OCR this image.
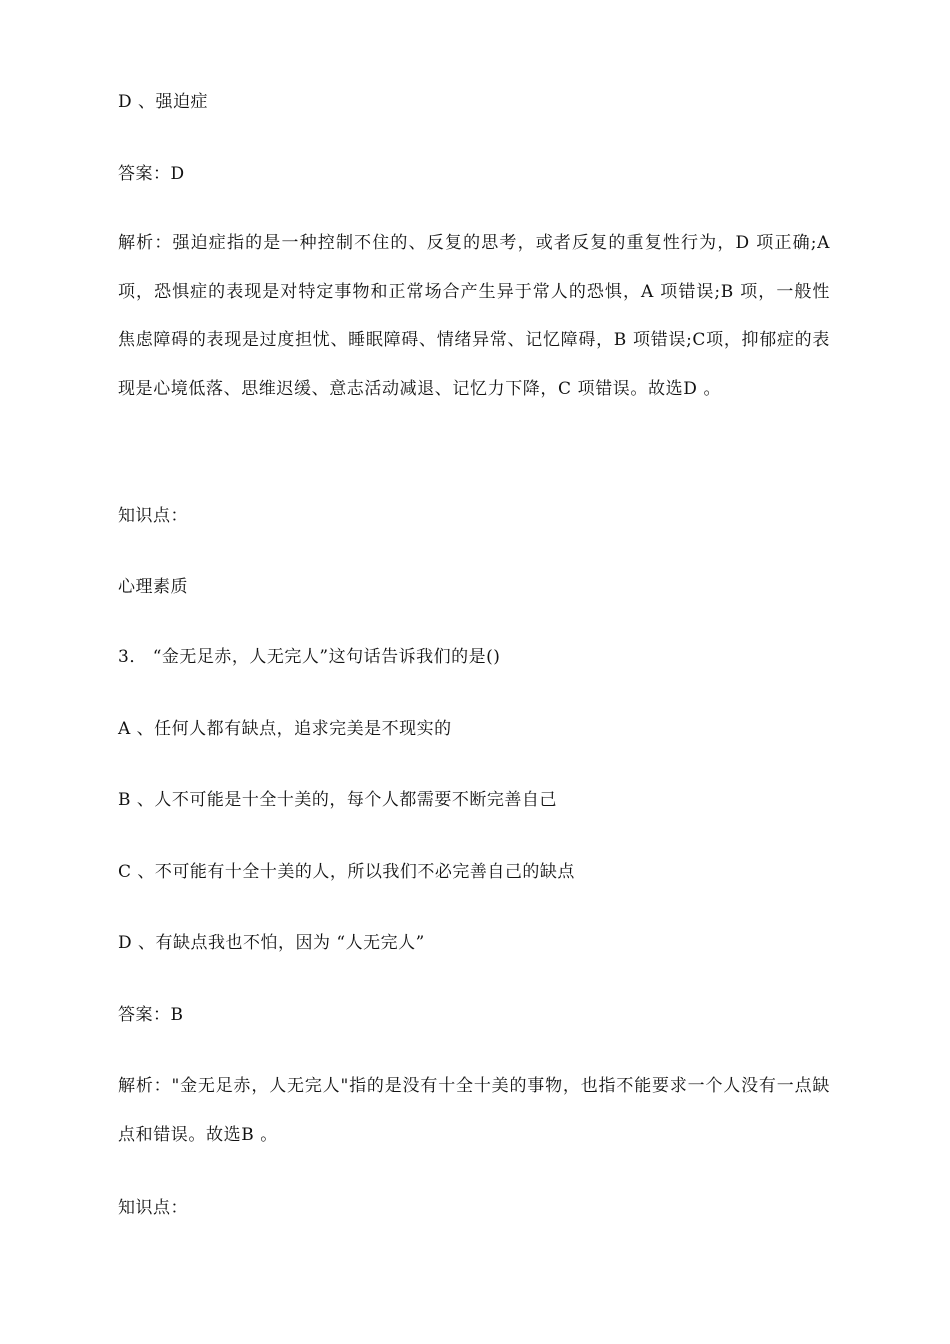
D 、强迫症
答案：D
解析：强迫症指的是一种控制不住的、反复的思考，或者反复的重复性行为，D 项正确;A项，恐惧症的表现是对特定事物和正常场合产生异于常人的恐惧，A 项错误;B 项，一般性焦虑障碍的表现是过度担忧、睡眠障碍、情绪异常、记忆障碍，B 项错误;C项，抑郁症的表现是心境低落、思维迟缓、意志活动减退、记忆力下降，C 项错误。故选D 。
知识点：
心理素质
3． “金无足赤，人无完人”这句话告诉我们的是()
A 、任何人都有缺点，追求完美是不现实的
B 、人不可能是十全十美的，每个人都需要不断完善自己
C 、不可能有十全十美的人，所以我们不必完善自己的缺点
D 、有缺点我也不怕，因为 “人无完人”
答案：B
解析："金无足赤，人无完人"指的是没有十全十美的事物，也指不能要求一个人没有一点缺点和错误。故选B 。
知识点：
